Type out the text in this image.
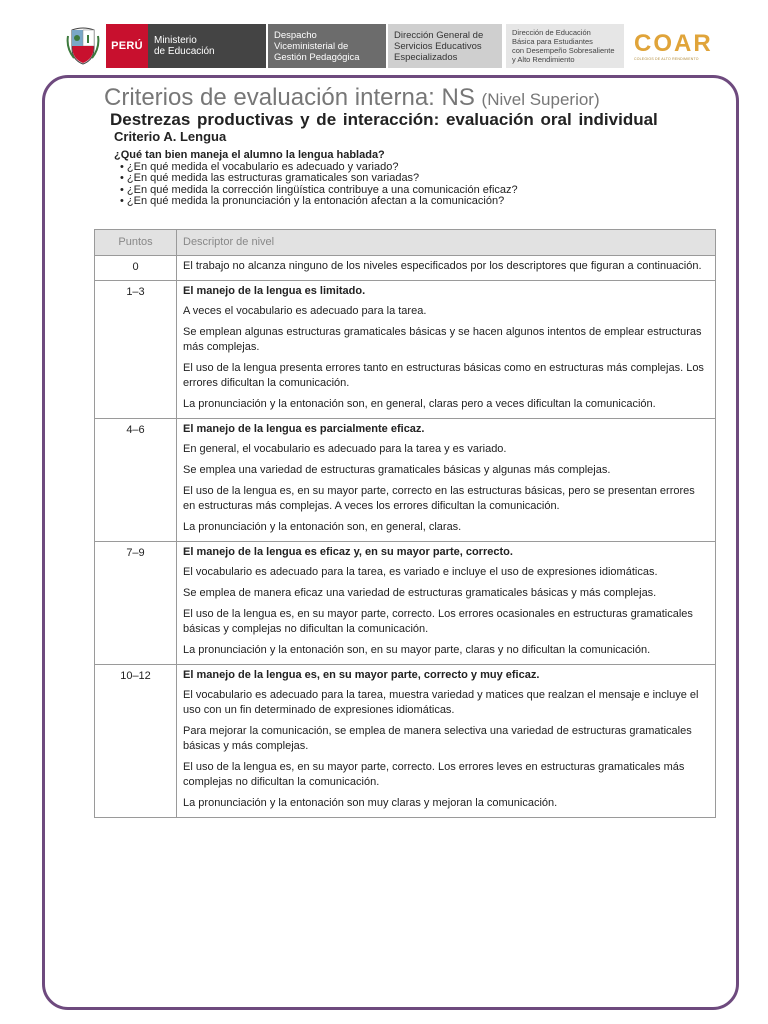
PERÚ	Ministerio
de Educación
Despacho
Viceministerial de
Gestión Pedagógica
Dirección General de
Servicios Educativos
Especializados
Dirección de Educación
Básica para Estudiantes
con Desempeño Sobresaliente
y Alto Rendimiento
COAR
COLEGIOS DE ALTO RENDIMIENTO
Criterios de evaluación interna: NS (Nivel Superior)
Destrezas productivas y de interacción: evaluación oral individual
Criterio A. Lengua
¿Qué tan bien maneja el alumno la lengua hablada?
• ¿En qué medida el vocabulario es adecuado y variado?
• ¿En qué medida las estructuras gramaticales son variadas?
• ¿En qué medida la corrección lingüística contribuye a una comunicación eficaz?
• ¿En qué medida la pronunciación y la entonación afectan a la comunicación?
Puntos	Descriptor de nivel
0	El trabajo no alcanza ninguno de los niveles especificados por los descriptores que figuran a continuación.

1–3	El manejo de la lengua es limitado.

A veces el vocabulario es adecuado para la tarea.

Se emplean algunas estructuras gramaticales básicas y se hacen algunos intentos de emplear estructuras más complejas.

El uso de la lengua presenta errores tanto en estructuras básicas como en estructuras más complejas. Los errores dificultan la comunicación.

La pronunciación y la entonación son, en general, claras pero a veces dificultan la comunicación.

4–6	El manejo de la lengua es parcialmente eficaz.

En general, el vocabulario es adecuado para la tarea y es variado.

Se emplea una variedad de estructuras gramaticales básicas y algunas más complejas.

El uso de la lengua es, en su mayor parte, correcto en las estructuras básicas, pero se presentan errores en estructuras más complejas. A veces los errores dificultan la comunicación.

La pronunciación y la entonación son, en general, claras.

7–9	El manejo de la lengua es eficaz y, en su mayor parte, correcto.

El vocabulario es adecuado para la tarea, es variado e incluye el uso de expresiones idiomáticas.

Se emplea de manera eficaz una variedad de estructuras gramaticales básicas y más complejas.

El uso de la lengua es, en su mayor parte, correcto. Los errores ocasionales en estructuras gramaticales básicas y complejas no dificultan la comunicación.

La pronunciación y la entonación son, en su mayor parte, claras y no dificultan la comunicación.

10–12	El manejo de la lengua es, en su mayor parte, correcto y muy eficaz.

El vocabulario es adecuado para la tarea, muestra variedad y matices que realzan el mensaje e incluye el uso con un fin determinado de expresiones idiomáticas.

Para mejorar la comunicación, se emplea de manera selectiva una variedad de estructuras gramaticales básicas y más complejas.

El uso de la lengua es, en su mayor parte, correcto. Los errores leves en estructuras gramaticales más complejas no dificultan la comunicación.

La pronunciación y la entonación son muy claras y mejoran la comunicación.
